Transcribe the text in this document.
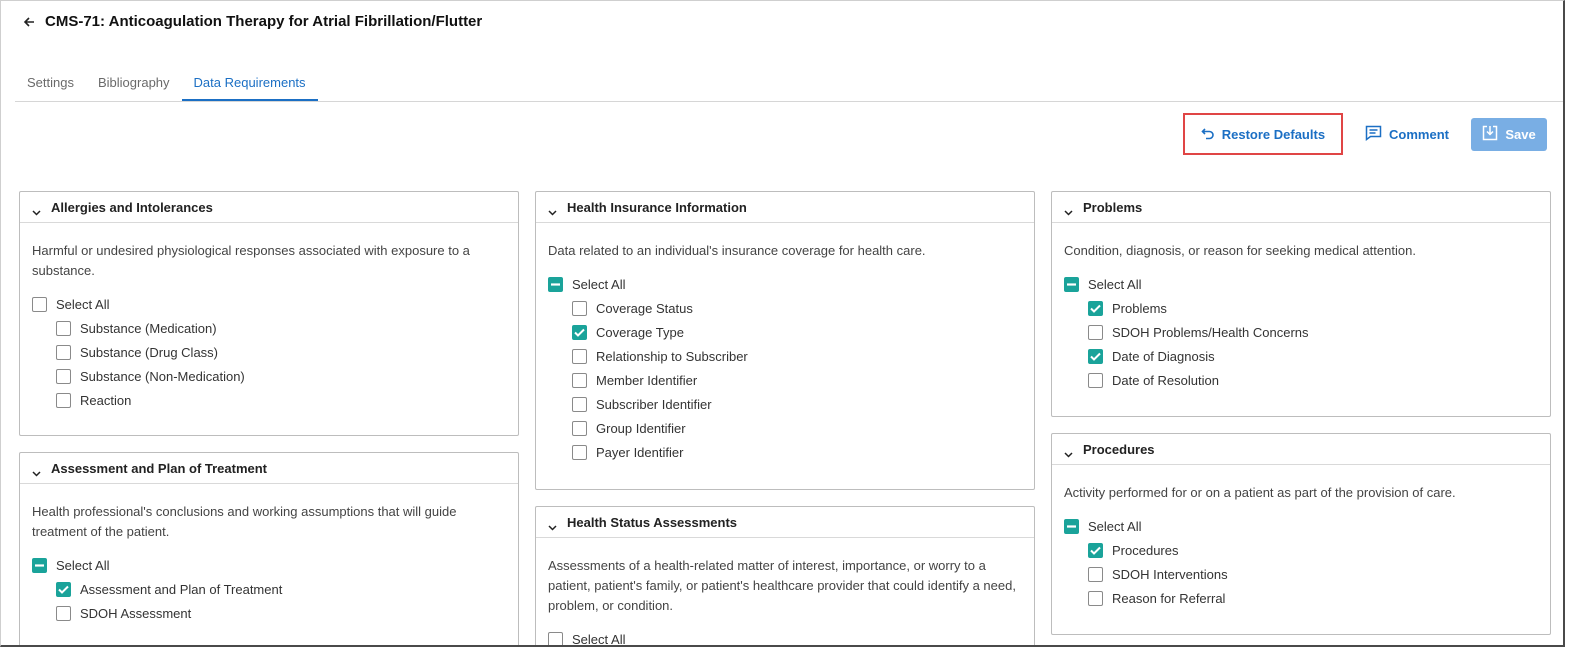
CMS-71: Anticoagulation Therapy for Atrial Fibrillation/Flutter
Settings	Bibliography	Data Requirements
Restore Defaults	Comment	Save
Allergies and Intolerances

Harmful or undesired physiological responses associated with exposure to a substance.

Select All
Substance (Medication)
Substance (Drug Class)
Substance (Non-Medication)
Reaction
Assessment and Plan of Treatment

Health professional's conclusions and working assumptions that will guide treatment of the patient.

Select All
Assessment and Plan of Treatment
SDOH Assessment
Health Insurance Information

Data related to an individual's insurance coverage for health care.

Select All
Coverage Status
Coverage Type
Relationship to Subscriber
Member Identifier
Subscriber Identifier
Group Identifier
Payer Identifier
Health Status Assessments

Assessments of a health-related matter of interest, importance, or worry to a patient, patient's family, or patient's healthcare provider that could identify a need, problem, or condition.

Select All
Problems

Condition, diagnosis, or reason for seeking medical attention.

Select All
Problems
SDOH Problems/Health Concerns
Date of Diagnosis
Date of Resolution
Procedures

Activity performed for or on a patient as part of the provision of care.

Select All
Procedures
SDOH Interventions
Reason for Referral
